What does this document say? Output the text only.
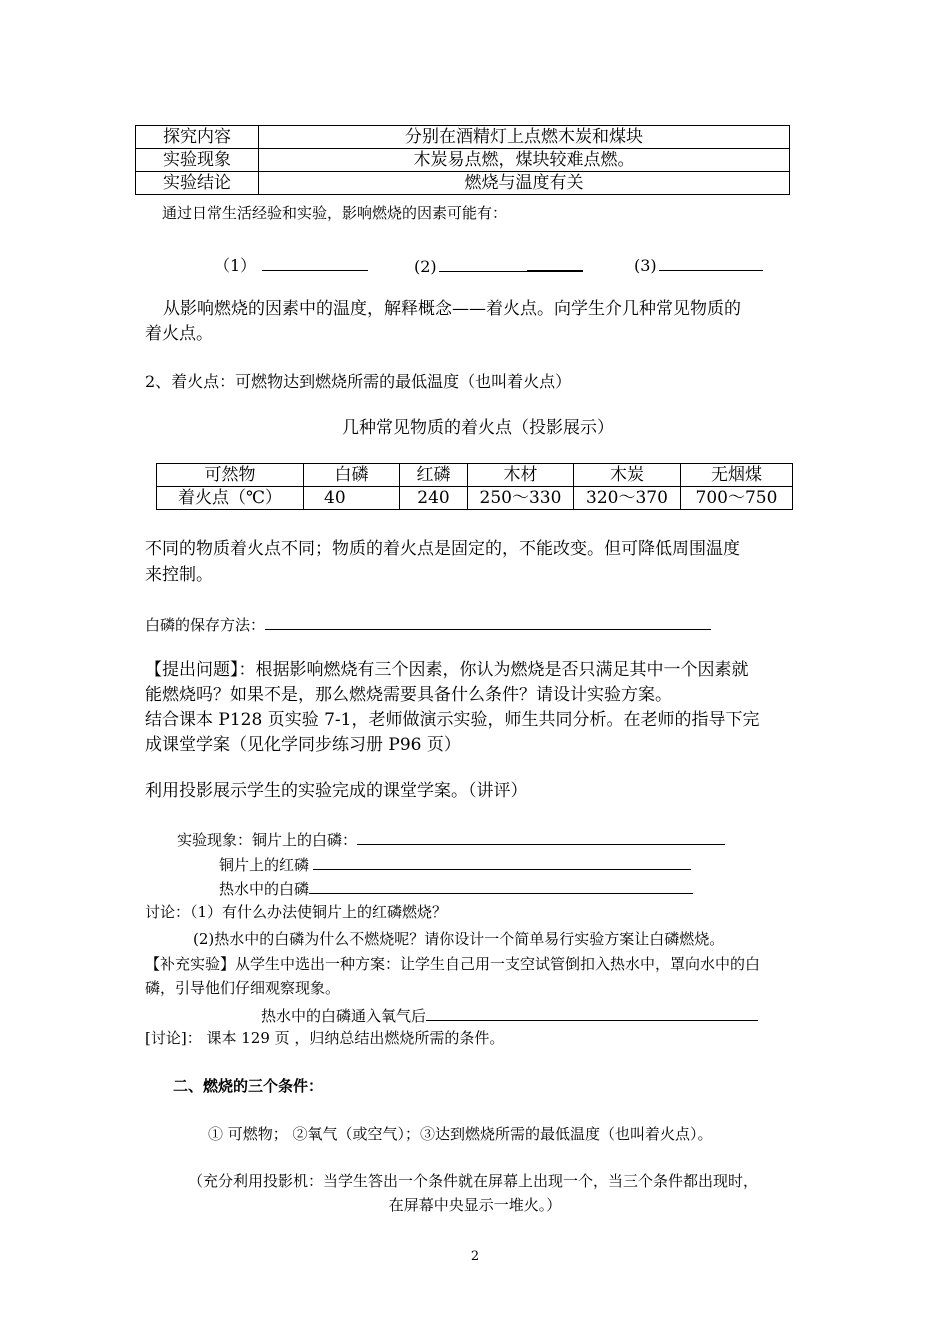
探究内容	分别在酒精灯上点燃木炭和煤块
实验现象	木炭易点燃，煤块较难点燃。
实验结论	燃烧与温度有关
通过日常生活经验和实验，影响燃烧的因素可能有：
（1）	(2)	(3)
从影响燃烧的因素中的温度，解释概念——着火点。向学生介几种常见物质的
着火点。
2、着火点：可燃物达到燃烧所需的最低温度（也叫着火点）
几种常见物质的着火点（投影展示）
可然物	白磷	红磷	木材	木炭	无烟煤
着火点（℃）	40	240	250～330	320～370	700～750
不同的物质着火点不同；物质的着火点是固定的，不能改变。但可降低周围温度
来控制。
白磷的保存方法：
【提出问题】：根据影响燃烧有三个因素，你认为燃烧是否只满足其中一个因素就
能燃烧吗？如果不是，那么燃烧需要具备什么条件？请设计实验方案。
结合课本 P128 页实验 7-1，老师做演示实验，师生共同分析。在老师的指导下完
成课堂学案（见化学同步练习册 P96 页）
利用投影展示学生的实验完成的课堂学案。（讲评）
实验现象：铜片上的白磷：
铜片上的红磷
热水中的白磷
讨论：（1）有什么办法使铜片上的红磷燃烧？
(2)热水中的白磷为什么不燃烧呢？请你设计一个简单易行实验方案让白磷燃烧。
【补充实验】从学生中选出一种方案：让学生自己用一支空试管倒扣入热水中，罩向水中的白
磷，引导他们仔细观察现象。
热水中的白磷通入氧气后
[讨论]： 课本 129 页 ，归纳总结出燃烧所需的条件。
二、燃烧的三个条件：
① 可燃物； ②氧气（或空气）；③达到燃烧所需的最低温度（也叫着火点）。
（充分利用投影机：当学生答出一个条件就在屏幕上出现一个，当三个条件都出现时，
在屏幕中央显示一堆火。）
2
